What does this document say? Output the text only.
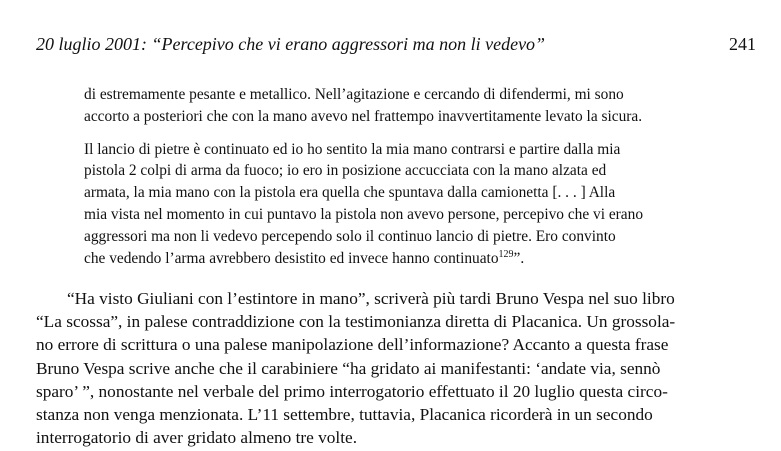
20 luglio 2001: “Percepivo che vi erano aggressori ma non li vedevo”	241

di estremamente pesante e metallico. Nell’agitazione e cercando di difendermi, mi sono

accorto a posteriori che con la mano avevo nel frattempo inavvertitamente levato la sicura.

Il lancio di pietre è continuato ed io ho sentito la mia mano contrarsi e partire dalla mia

pistola 2 colpi di arma da fuoco; io ero in posizione accucciata con la mano alzata ed

armata, la mia mano con la pistola era quella che spuntava dalla camionetta [. . . ] Alla

mia vista nel momento in cui puntavo la pistola non avevo persone, percepivo che vi erano

aggressori ma non li vedevo percependo solo il continuo lancio di pietre. Ero convinto

che vedendo l’arma avrebbero desistito ed invece hanno continuato$^{129}$”.

“Ha visto Giuliani con l’estintore in mano”, scriverà più tardi Bruno Vespa nel suo libro

“La scossa”, in palese contraddizione con la testimonianza diretta di Placanica. Un grossola-

no errore di scrittura o una palese manipolazione dell’informazione? Accanto a questa frase

Bruno Vespa scrive anche che il carabiniere “ha gridato ai manifestanti: ‘andate via, sennò

sparo’ ”, nonostante nel verbale del primo interrogatorio effettuato il 20 luglio questa circo-

stanza non venga menzionata. L’11 settembre, tuttavia, Placanica ricorderà in un secondo

interrogatorio di aver gridato almeno tre volte.
